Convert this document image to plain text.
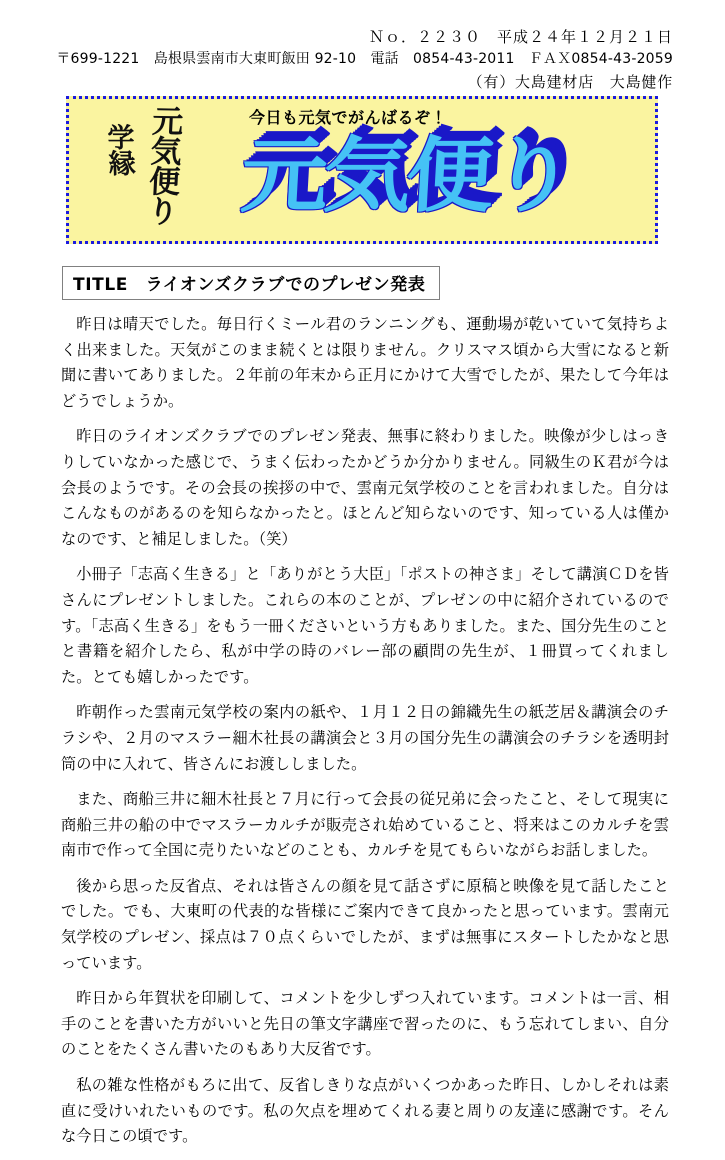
Ｎｏ．２２３０　平成２４年１２月２１日
〒699-1221　島根県雲南市大東町飯田 92-10　電話　0854-43-2011　ＦＡＸ0854-43-2059
（有）大島建材店　大島健作
元気便り
学縁
今日も元気でがんばるぞ！
元気便り
TITLE　ライオンズクラブでのプレゼン発表

昨日は晴天でした。毎日行くミール君のランニングも、運動場が乾いていて気持ちよく出来ました。天気がこのまま続くとは限りません。クリスマス頃から大雪になると新聞に書いてありました。２年前の年末から正月にかけて大雪でしたが、果たして今年はどうでしょうか。

昨日のライオンズクラブでのプレゼン発表、無事に終わりました。映像が少しはっきりしていなかった感じで、うまく伝わったかどうか分かりません。同級生のＫ君が今は会長のようです。その会長の挨拶の中で、雲南元気学校のことを言われました。自分はこんなものがあるのを知らなかったと。ほとんど知らないのです、知っている人は僅かなのです、と補足しました。（笑）

小冊子「志高く生きる」と「ありがとう大臣」「ポストの神さま」そして講演ＣＤを皆さんにプレゼントしました。これらの本のことが、プレゼンの中に紹介されているのです。「志高く生きる」をもう一冊くださいという方もありました。また、国分先生のことと書籍を紹介したら、私が中学の時のバレー部の顧問の先生が、１冊買ってくれました。とても嬉しかったです。

昨朝作った雲南元気学校の案内の紙や、１月１２日の錦織先生の紙芝居＆講演会のチラシや、２月のマスラー細木社長の講演会と３月の国分先生の講演会のチラシを透明封筒の中に入れて、皆さんにお渡ししました。

また、商船三井に細木社長と７月に行って会長の従兄弟に会ったこと、そして現実に商船三井の船の中でマスラーカルチが販売され始めていること、将来はこのカルチを雲南市で作って全国に売りたいなどのことも、カルチを見てもらいながらお話しました。

後から思った反省点、それは皆さんの顔を見て話さずに原稿と映像を見て話したことでした。でも、大東町の代表的な皆様にご案内できて良かったと思っています。雲南元気学校のプレゼン、採点は７０点くらいでしたが、まずは無事にスタートしたかなと思っています。

昨日から年賀状を印刷して、コメントを少しずつ入れています。コメントは一言、相手のことを書いた方がいいと先日の筆文字講座で習ったのに、もう忘れてしまい、自分のことをたくさん書いたのもあり大反省です。

私の雑な性格がもろに出て、反省しきりな点がいくつかあった昨日、しかしそれは素直に受けいれたいものです。私の欠点を埋めてくれる妻と周りの友達に感謝です。そんな今日この頃です。
